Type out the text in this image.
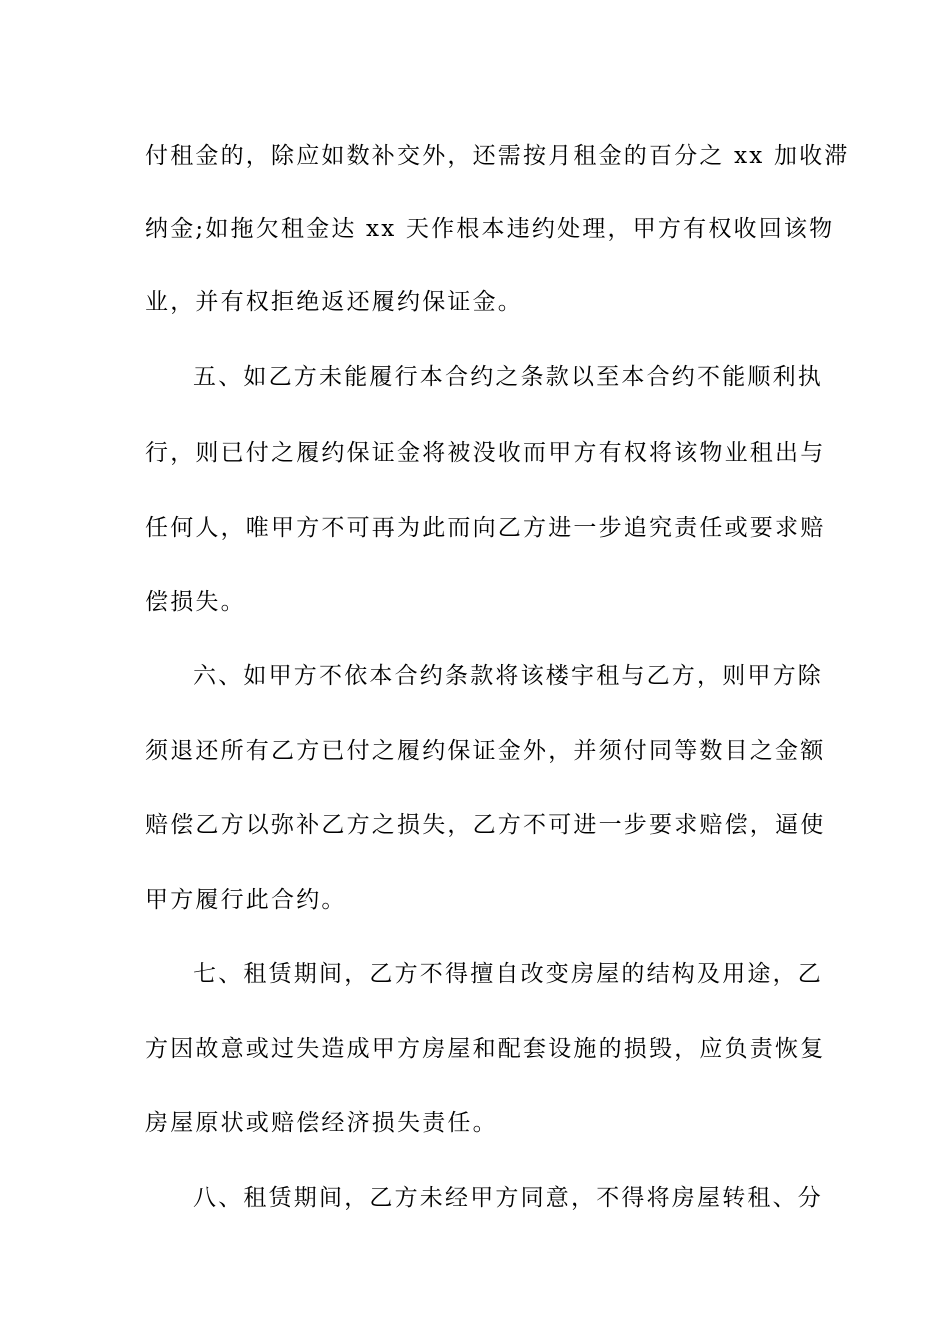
付租金的，除应如数补交外，还需按月租金的百分之 xx 加收滞
纳金;如拖欠租金达 xx 天作根本违约处理，甲方有权收回该物
业，并有权拒绝返还履约保证金。
五、如乙方未能履行本合约之条款以至本合约不能顺利执
行，则已付之履约保证金将被没收而甲方有权将该物业租出与
任何人，唯甲方不可再为此而向乙方进一步追究责任或要求赔
偿损失。
六、如甲方不依本合约条款将该楼宇租与乙方，则甲方除
须退还所有乙方已付之履约保证金外，并须付同等数目之金额
赔偿乙方以弥补乙方之损失，乙方不可进一步要求赔偿，逼使
甲方履行此合约。
七、租赁期间，乙方不得擅自改变房屋的结构及用途，乙
方因故意或过失造成甲方房屋和配套设施的损毁，应负责恢复
房屋原状或赔偿经济损失责任。
八、租赁期间，乙方未经甲方同意，不得将房屋转租、分
